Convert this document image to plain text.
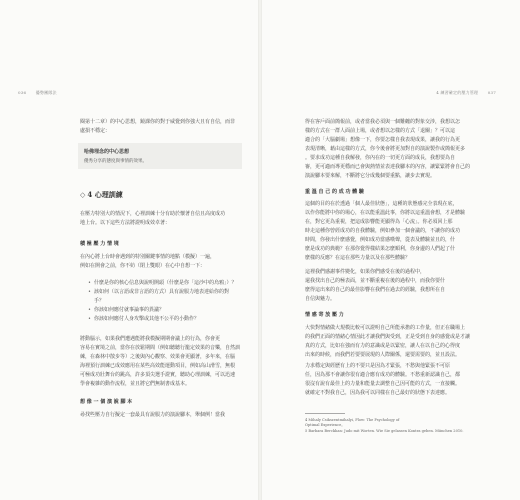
036 優勢團隊法

閱第十二章）的中心思想，鏡課你的對于威覺到你強大且有自信，而非
處損不穩定：

哈佛埋念的中心思想
優秀分享的態度與事情的效果。
◇ 4 心理訓練

在壓力特別大的情況下，心裡訓練十分有助於懷著自信且高度成功
地上台。以下這些方法將證明成效卓著：

積 極 壓 力 情 境

在內心將上台時會遇到的特別關鍵事情的地點（模擬）一遍，
例如在開會之前，你不妨（閉上雙眼）在心中自想一下：

• 什麼是你的核心信息與說明開頭（什麼是你「這沙中的烏鴉」）？
• 該如何（以言語或非言語的方式）具有說服力地表達給你的對
手？
• 你該如何應付就事論事的異議？
• 你該如何應付人身攻擊或其他不公平的小動作？

將動腦示，如果我們遭遇能將我模擬期期會議上的行為，你會更
容易在實境之前，當你在放鬆期間（例如聽聽行籠定效果的音樂，自然訓
練，在森林中散步等）之後與內心觀察、效果會更顯著，多年來，在腦
海裡預行訓練已成效應用在某些高效能運動項目，例如高山滑雪，無根
可極成功壯舞台的跳高，許多頂尖選手證實，聽助心理訓練，可以迅速
學會複雜的動作流程，並且將它們無制書成基本。

想 像 一 個 演 說 腳 本

尋找些壓力自行擬定一套最具有說服力的演說腳本，舉個例！當我

4 練習確定的壓力管理 037

得在客戶面前簡報前，或者當我必須與一個難纏的對象交涉，我想以怎
樣的方式在一群人面前上場，或者想以怎樣的方式「退關」？可以這
適合的「大腦劇場」想像一下，你要怎樣自我表現成果，讓我的行為更
表現清晰，藉由這樣的方式，你今後會將更加對自的演說製作或簡報更多
。要求成功這種自我解發，你內在的一切更方面的成長，我想要為自
審，更可適而導更穩而已會與熱情並表達我腳本的內容，讓緊緊將會自己的
演說腳本要來解，不斷將它分成幾個要重點，讓步去實現。

重 溫 自 己 的 成 功 體 驗

這個的目的在於透過「個人最佳狀態」，這種的狀態感完全表現在底，
以作你能將中你的場心，在以能重溫此事，你將以這重溫會想，才是體驗
在，對它更為重視，把這成影響能更顯得為「心流」。你必須回上那
時走這種你曾經成功的自我體驗，例如參加一個會議的，不讓你的成功
時間，你發出什麼感覺，例如成功當感嘆聲，從表及體驗並且的，什
麼是成功的典範？在那你覺得樣結果怎麼順利，你身邊的人們起了什
麼樣的反應？在這在那些力量以及在那些體驗？

這裡我們感謝事件變化，如果你們感受在後的過程中，
還我找出自己的極表面，並不斷重複在後的過程中，而我你要什
麼得這出來的自己的最佳影響在我們在過去的經驗，我想所在自
自信與魅力。

情 感 寄 放 壓 力

大快對情緒做大規模比較可以證明自己所能承擔的工作量，但正在職場上
的我們正面的情緒心情因此才讓我們與受到，正是受到自身的感覺或是才讓
真的方式，比如在強而有力的意識或是以緊密，讓人在以自己的心得度
出來的時候，而我們若要要展現的人際關係，還要需要的，並且設法。

力求穩定與經歷有上的不要只是因為才緊張，不愁與他緊張不可原
任，因為那不會讓你很有適合應有成功的體驗。不愁重新認識自己，都
很沒有說有最佳上的力量和能量去調整自己因可能的方式，一直接觸。
就確定不對我自己，因為我可以同樣在自己最好的狀態下表達應。

4 Mihaly Csikszentmihalyi, Flow: The Psychology of
Optimal Experience。
5 Barbara Berckhan: Judo mit Worten. Wie Sie gelassen Kontra geben. München 2010.
